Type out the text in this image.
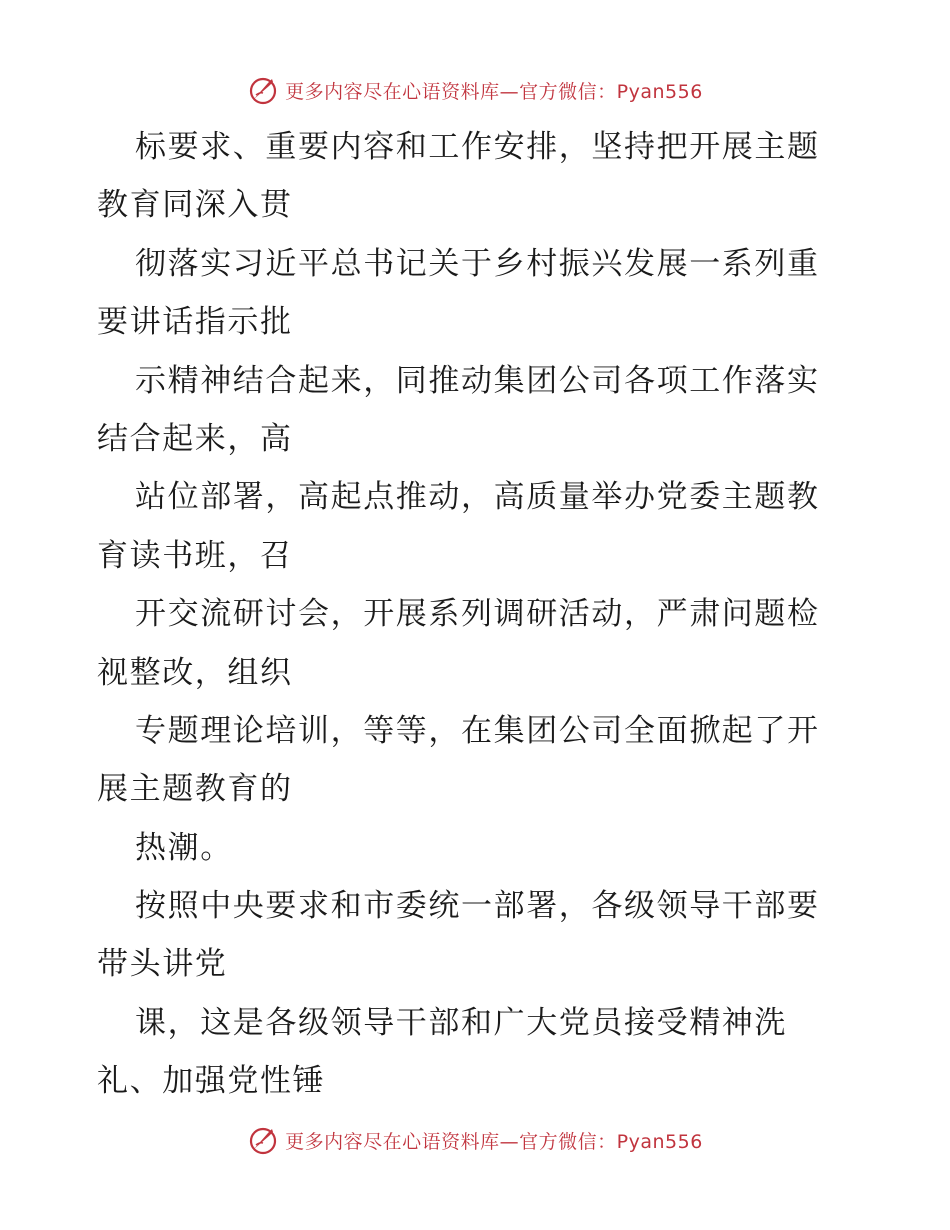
更多内容尽在心语资料库—官方微信：Pyan556
标要求、重要内容和工作安排，坚持把开展主题
教育同深入贯
彻落实习近平总书记关于乡村振兴发展一系列重
要讲话指示批
示精神结合起来，同推动集团公司各项工作落实
结合起来，高
站位部署，高起点推动，高质量举办党委主题教
育读书班，召
开交流研讨会，开展系列调研活动，严肃问题检
视整改，组织
专题理论培训，等等，在集团公司全面掀起了开
展主题教育的
热潮。
按照中央要求和市委统一部署，各级领导干部要
带头讲党
课，这是各级领导干部和广大党员接受精神洗
礼、加强党性锤
更多内容尽在心语资料库—官方微信：Pyan556
